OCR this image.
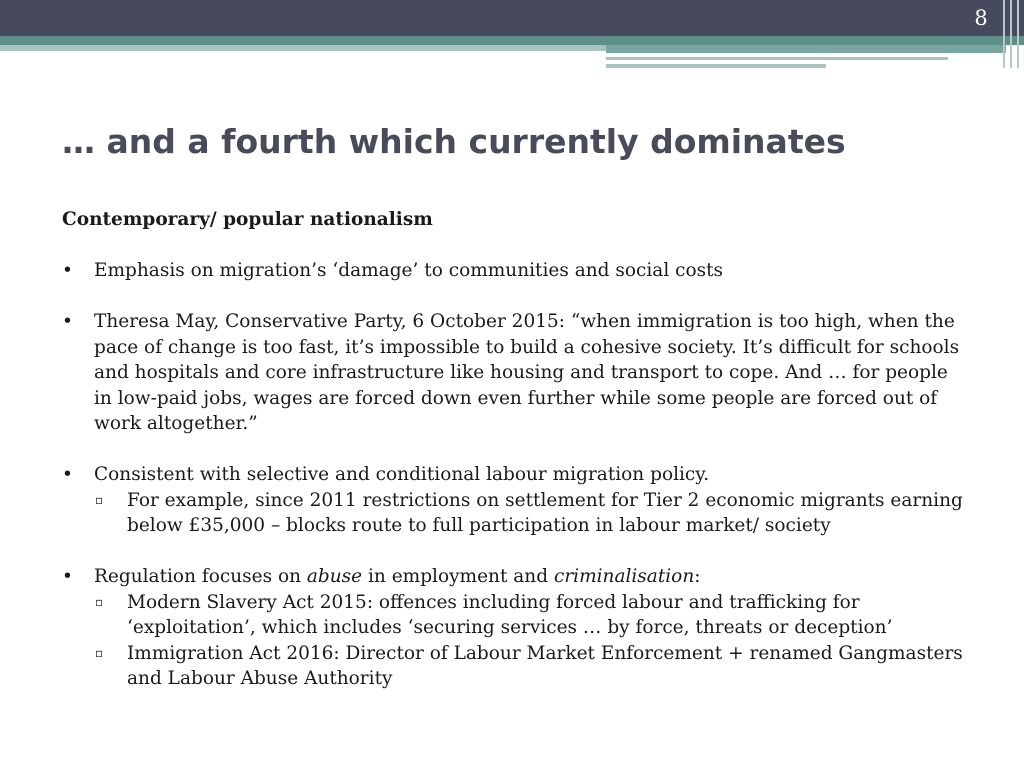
8
… and a fourth which currently dominates

Contemporary/ popular nationalism

• Emphasis on migration’s ‘damage’ to communities and social costs
• Theresa May, Conservative Party, 6 October 2015: “when immigration is too high, when the
pace of change is too fast, it’s impossible to build a cohesive society. It’s difficult for schools
and hospitals and core infrastructure like housing and transport to cope. And … for people
in low-paid jobs, wages are forced down even further while some people are forced out of
work altogether.”
• Consistent with selective and conditional labour migration policy.
▫ For example, since 2011 restrictions on settlement for Tier 2 economic migrants earning
below £35,000 – blocks route to full participation in labour market/ society
• Regulation focuses on abuse in employment and criminalisation:
▫ Modern Slavery Act 2015: offences including forced labour and trafficking for
‘exploitation’, which includes ‘securing services … by force, threats or deception’
▫ Immigration Act 2016: Director of Labour Market Enforcement + renamed Gangmasters
and Labour Abuse Authority
